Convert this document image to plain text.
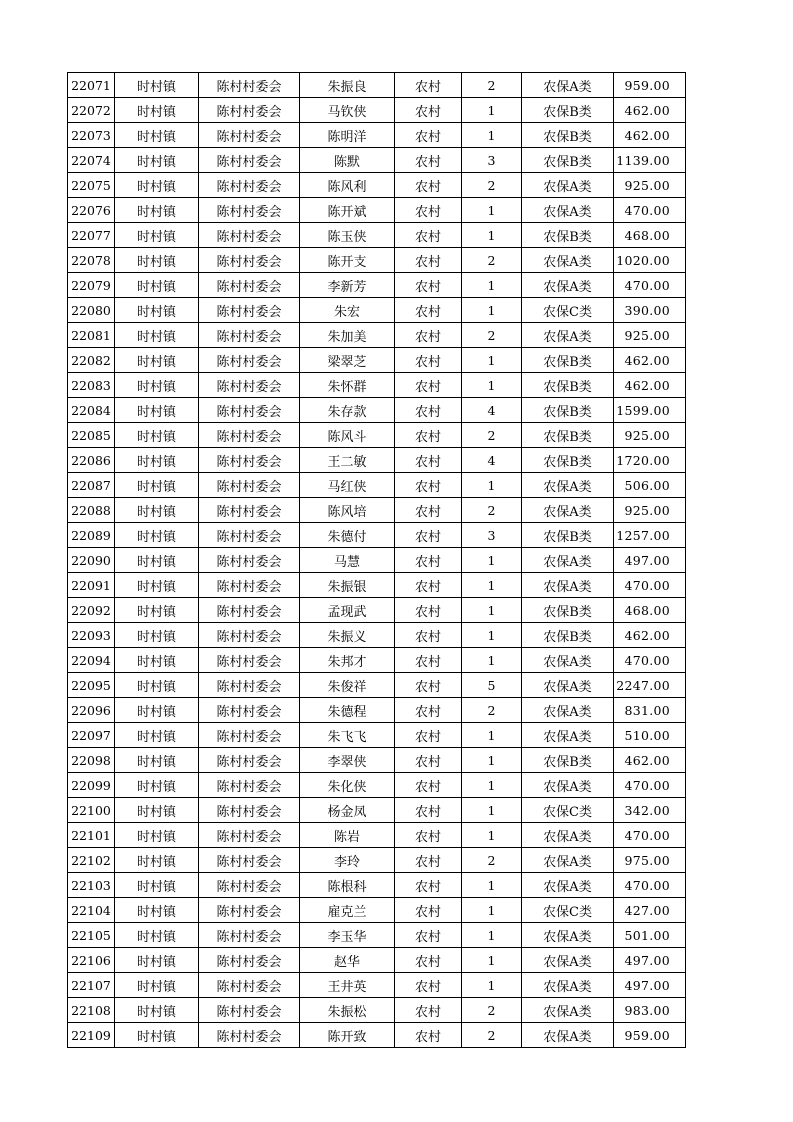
22071	时村镇	陈村村委会	朱振良	农村	2	农保A类	959.00
22072	时村镇	陈村村委会	马钦侠	农村	1	农保B类	462.00
22073	时村镇	陈村村委会	陈明洋	农村	1	农保B类	462.00
22074	时村镇	陈村村委会	陈默	农村	3	农保B类	1139.00
22075	时村镇	陈村村委会	陈风利	农村	2	农保A类	925.00
22076	时村镇	陈村村委会	陈开斌	农村	1	农保A类	470.00
22077	时村镇	陈村村委会	陈玉侠	农村	1	农保B类	468.00
22078	时村镇	陈村村委会	陈开支	农村	2	农保A类	1020.00
22079	时村镇	陈村村委会	李新芳	农村	1	农保A类	470.00
22080	时村镇	陈村村委会	朱宏	农村	1	农保C类	390.00
22081	时村镇	陈村村委会	朱加美	农村	2	农保A类	925.00
22082	时村镇	陈村村委会	梁翠芝	农村	1	农保B类	462.00
22083	时村镇	陈村村委会	朱怀群	农村	1	农保B类	462.00
22084	时村镇	陈村村委会	朱存款	农村	4	农保B类	1599.00
22085	时村镇	陈村村委会	陈风斗	农村	2	农保B类	925.00
22086	时村镇	陈村村委会	王二敏	农村	4	农保B类	1720.00
22087	时村镇	陈村村委会	马红侠	农村	1	农保A类	506.00
22088	时村镇	陈村村委会	陈风培	农村	2	农保A类	925.00
22089	时村镇	陈村村委会	朱德付	农村	3	农保B类	1257.00
22090	时村镇	陈村村委会	马慧	农村	1	农保A类	497.00
22091	时村镇	陈村村委会	朱振银	农村	1	农保A类	470.00
22092	时村镇	陈村村委会	孟现武	农村	1	农保B类	468.00
22093	时村镇	陈村村委会	朱振义	农村	1	农保B类	462.00
22094	时村镇	陈村村委会	朱邦才	农村	1	农保A类	470.00
22095	时村镇	陈村村委会	朱俊祥	农村	5	农保A类	2247.00
22096	时村镇	陈村村委会	朱德程	农村	2	农保A类	831.00
22097	时村镇	陈村村委会	朱飞飞	农村	1	农保A类	510.00
22098	时村镇	陈村村委会	李翠侠	农村	1	农保B类	462.00
22099	时村镇	陈村村委会	朱化侠	农村	1	农保A类	470.00
22100	时村镇	陈村村委会	杨金凤	农村	1	农保C类	342.00
22101	时村镇	陈村村委会	陈岩	农村	1	农保A类	470.00
22102	时村镇	陈村村委会	李玲	农村	2	农保A类	975.00
22103	时村镇	陈村村委会	陈根科	农村	1	农保A类	470.00
22104	时村镇	陈村村委会	雇克兰	农村	1	农保C类	427.00
22105	时村镇	陈村村委会	李玉华	农村	1	农保A类	501.00
22106	时村镇	陈村村委会	赵华	农村	1	农保A类	497.00
22107	时村镇	陈村村委会	王井英	农村	1	农保A类	497.00
22108	时村镇	陈村村委会	朱振松	农村	2	农保A类	983.00
22109	时村镇	陈村村委会	陈开致	农村	2	农保A类	959.00
